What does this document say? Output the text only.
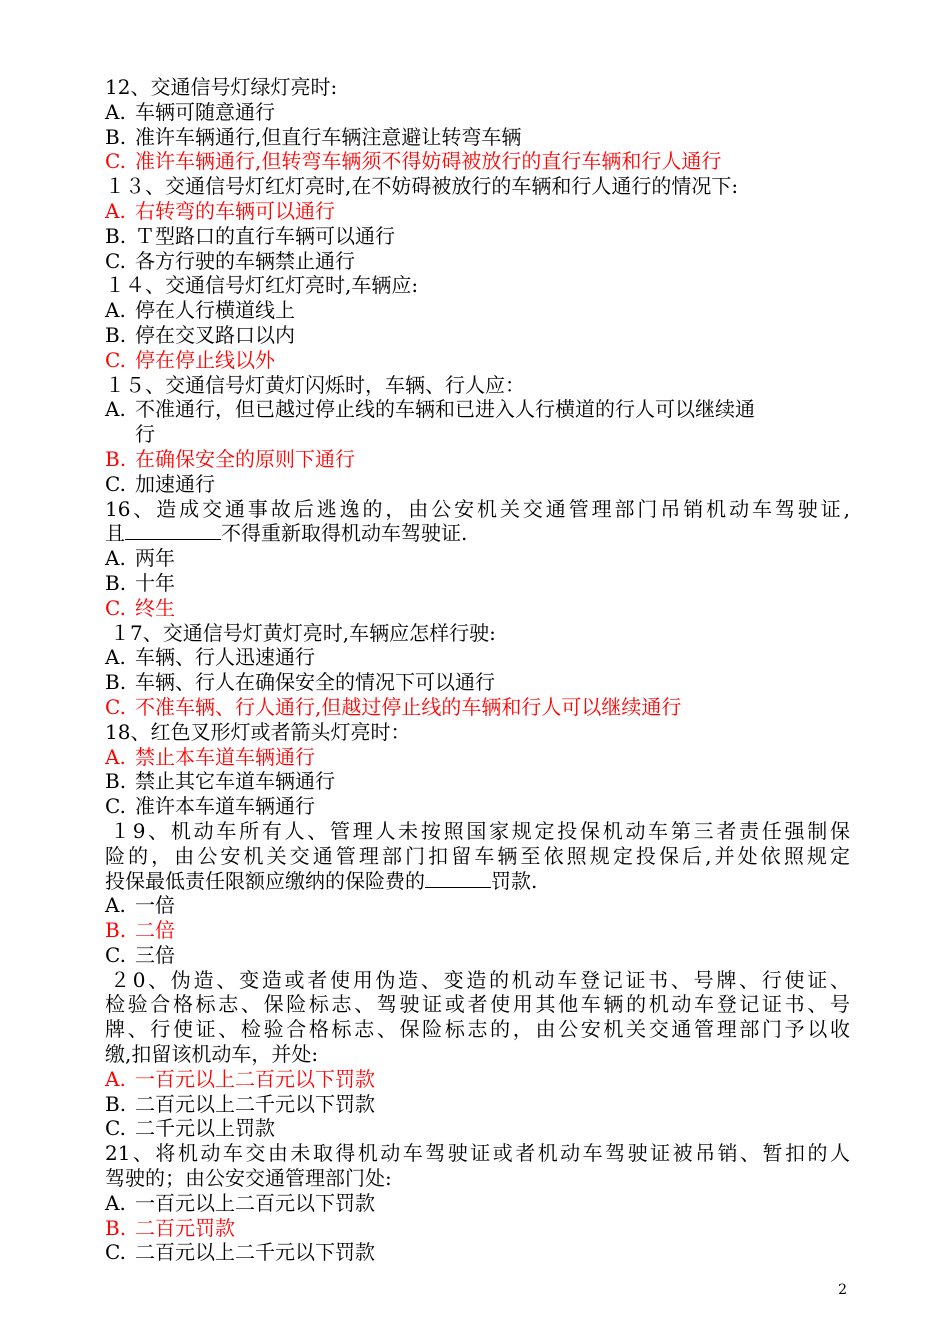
12、交通信号灯绿灯亮时:
A. 车辆可随意通行
B. 准许车辆通行,但直行车辆注意避让转弯车辆
C. 准许车辆通行,但转弯车辆须不得妨碍被放行的直行车辆和行人通行
１３、交通信号灯红灯亮时,在不妨碍被放行的车辆和行人通行的情况下:
A. 右转弯的车辆可以通行
B. Ｔ型路口的直行车辆可以通行
C. 各方行驶的车辆禁止通行
１４、交通信号灯红灯亮时,车辆应:
A. 停在人行横道线上
B. 停在交叉路口以内
C. 停在停止线以外
１５、交通信号灯黄灯闪烁时，车辆、行人应：
A. 不准通行，但已越过停止线的车辆和已进入人行横道的行人可以继续通
行
B. 在确保安全的原则下通行
C. 加速通行
16、造成交通事故后逃逸的，由公安机关交通管理部门吊销机动车驾驶证,
且	不得重新取得机动车驾驶证.
A. 两年
B. 十年
C. 终生
１7、交通信号灯黄灯亮时,车辆应怎样行驶:
A. 车辆、行人迅速通行
B. 车辆、行人在确保安全的情况下可以通行
C. 不准车辆、行人通行,但越过停止线的车辆和行人可以继续通行
18、红色叉形灯或者箭头灯亮时：
A. 禁止本车道车辆通行
B. 禁止其它车道车辆通行
C. 准许本车道车辆通行
１9、机动车所有人、管理人未按照国家规定投保机动车第三者责任强制保
险的，由公安机关交通管理部门扣留车辆至依照规定投保后,并处依照规定
投保最低责任限额应缴纳的保险费的	罚款.
A. 一倍
B. 二倍
C. 三倍
２0、伪造、变造或者使用伪造、变造的机动车登记证书、号牌、行使证、
检验合格标志、保险标志、驾驶证或者使用其他车辆的机动车登记证书、号
牌、行使证、检验合格标志、保险标志的，由公安机关交通管理部门予以收
缴,扣留该机动车，并处:
A. 一百元以上二百元以下罚款
B. 二百元以上二千元以下罚款
C. 二千元以上罚款
21、将机动车交由未取得机动车驾驶证或者机动车驾驶证被吊销、暂扣的人
驾驶的；由公安交通管理部门处:
A. 一百元以上二百元以下罚款
B. 二百元罚款
C. 二百元以上二千元以下罚款
2
